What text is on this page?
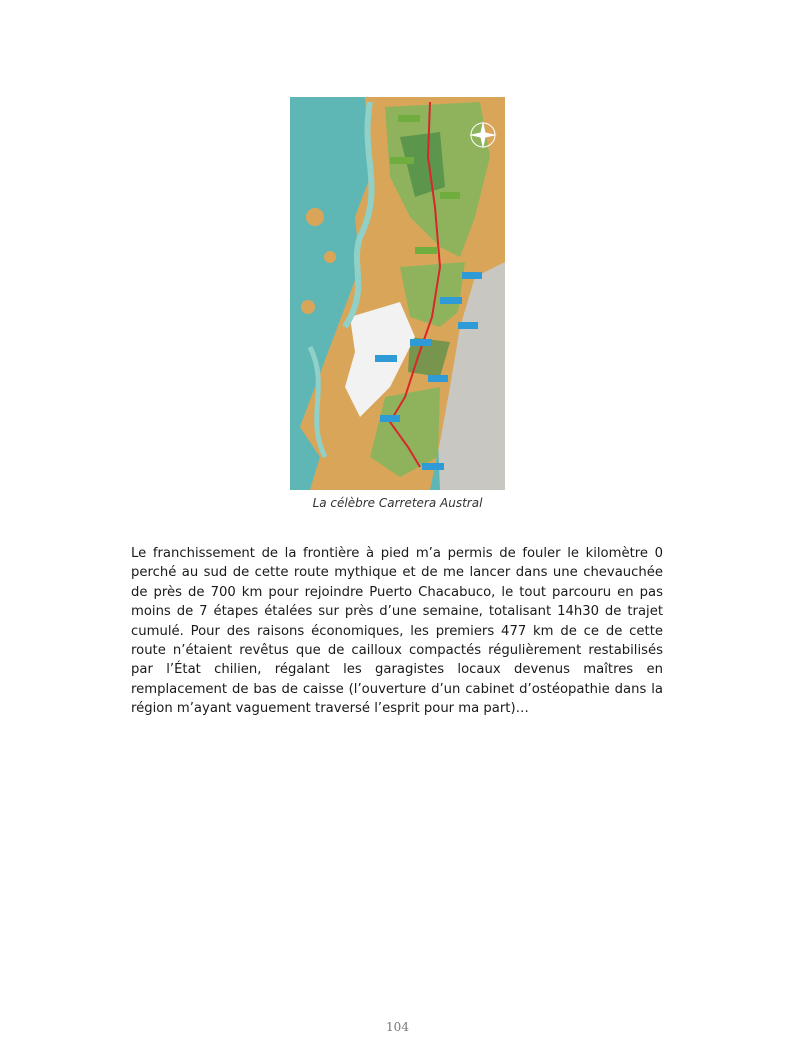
La célèbre Carretera Austral

Le franchissement de la frontière à pied m’a permis de fouler le kilomètre 0 perché au sud de cette route mythique et de me lancer dans une chevauchée de près de 700 km pour rejoindre Puerto Chacabuco, le tout parcouru en pas moins de 7 étapes étalées sur près d’une semaine, totalisant 14h30 de trajet cumulé. Pour des raisons économiques, les premiers 477 km de ce de cette route n’étaient revêtus que de cailloux compactés régulièrement restabilisés par l’État chilien, régalant les garagistes locaux devenus maîtres en remplacement de bas de caisse (l’ouverture d’un cabinet d’ostéopathie dans la région m’ayant vaguement traversé l’esprit pour ma part)…

104
